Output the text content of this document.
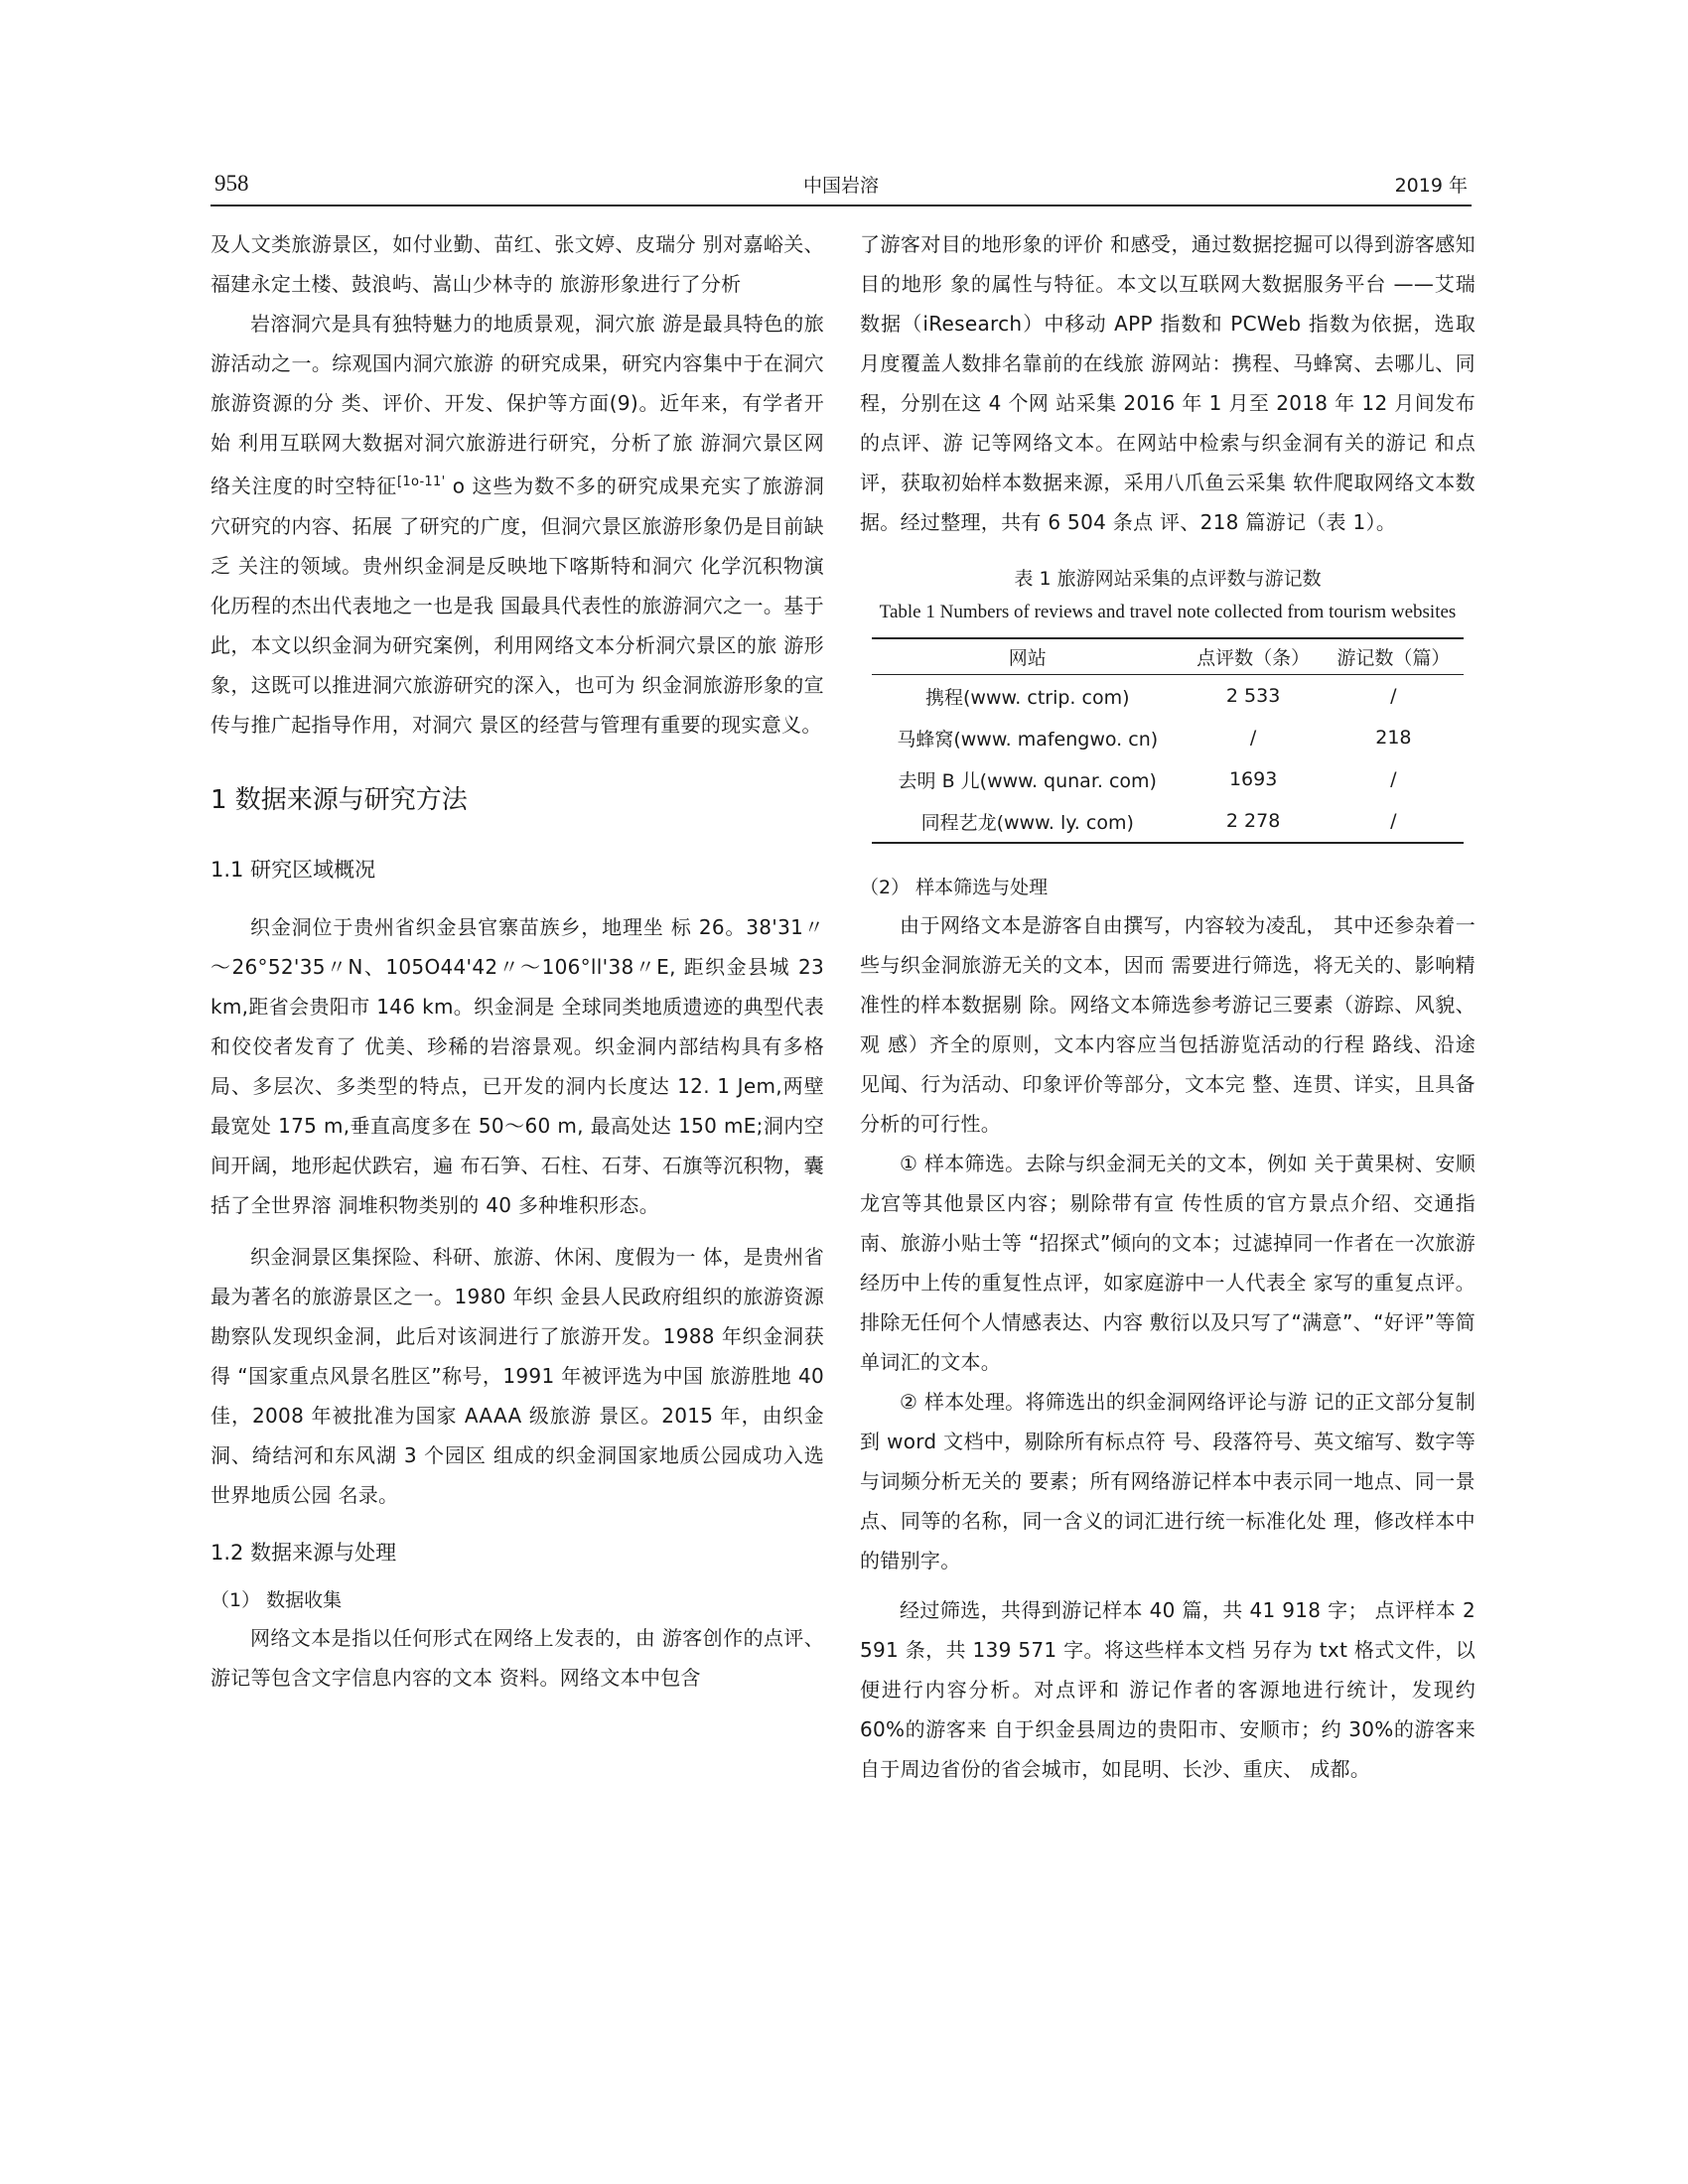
958	中国岩溶	2019 年

及人文类旅游景区，如付业勤、苗红、张文婷、皮瑞分 别对嘉峪关、福建永定土楼、鼓浪屿、嵩山少林寺的 旅游形象进行了分析

岩溶洞穴是具有独特魅力的地质景观，洞穴旅 游是最具特色的旅游活动之一。综观国内洞穴旅游 的研究成果，研究内容集中于在洞穴旅游资源的分 类、评价、开发、保护等方面(9)。近年来，有学者开始 利用互联网大数据对洞穴旅游进行研究，分析了旅 游洞穴景区网络关注度的时空特征$^{[1o-11'}$ o 这些为数不多的研究成果充实了旅游洞穴研究的内容、拓展 了研究的广度，但洞穴景区旅游形象仍是目前缺乏 关注的领域。贵州织金洞是反映地下喀斯特和洞穴 化学沉积物演化历程的杰出代表地之一也是我 国最具代表性的旅游洞穴之一。基于此，本文以织金洞为研究案例，利用网络文本分析洞穴景区的旅 游形象，这既可以推进洞穴旅游研究的深入，也可为 织金洞旅游形象的宣传与推广起指导作用，对洞穴 景区的经营与管理有重要的现实意义。

1 数据来源与研究方法

1.1 研究区域概况

织金洞位于贵州省织金县官寨苗族乡，地理坐 标 26。38'31〃～26°52'35〃N、105O44'42〃～106°ll'38〃E, 距织金县城 23 km,距省会贵阳市 146 km。织金洞是 全球同类地质遗迹的典型代表和佼佼者发育了 优美、珍稀的岩溶景观。织金洞内部结构具有多格 局、多层次、多类型的特点，已开发的洞内长度达 12. 1 Jem,两壁最宽处 175 m,垂直高度多在 50～60 m, 最高处达 150 mE;洞内空间开阔，地形起伏跌宕，遍 布石笋、石柱、石芽、石旗等沉积物，囊括了全世界溶 洞堆积物类别的 40 多种堆积形态。

织金洞景区集探险、科研、旅游、休闲、度假为一 体，是贵州省最为著名的旅游景区之一。1980 年织 金县人民政府组织的旅游资源勘察队发现织金洞，此后对该洞进行了旅游开发。1988 年织金洞获得 “国家重点风景名胜区”称号，1991 年被评选为中国 旅游胜地 40 佳，2008 年被批准为国家 AAAA 级旅游 景区。2015 年，由织金洞、绮结河和东风湖 3 个园区 组成的织金洞国家地质公园成功入选世界地质公园 名录。

1.2 数据来源与处理

（1） 数据收集

网络文本是指以任何形式在网络上发表的，由 游客创作的点评、游记等包含文字信息内容的文本 资料。网络文本中包含

了游客对目的地形象的评价 和感受，通过数据挖掘可以得到游客感知目的地形 象的属性与特征。本文以互联网大数据服务平台 ——艾瑞数据（iResearch）中移动 APP 指数和 PCWeb 指数为依据，选取月度覆盖人数排名靠前的在线旅 游网站：携程、马蜂窝、去哪儿、同程，分别在这 4 个网 站采集 2016 年 1 月至 2018 年 12 月间发布的点评、游 记等网络文本。在网站中检索与织金洞有关的游记 和点评，获取初始样本数据来源，采用八爪鱼云采集 软件爬取网络文本数据。经过整理，共有 6 504 条点 评、218 篇游记（表 1）。

表 1 旅游网站采集的点评数与游记数

Table 1 Numbers of reviews and travel note collected from tourism websites

网站	点评数（条）	游记数（篇）
携程(www. ctrip. com)	2 533	/
马蜂窝(www. mafengwo. cn)	/	218
去明 B 儿(www. qunar. com)	1693	/
同程艺龙(www. ly. com)	2 278	/

（2） 样本筛选与处理

由于网络文本是游客自由撰写，内容较为凌乱， 其中还参杂着一些与织金洞旅游无关的文本，因而 需要进行筛选，将无关的、影响精准性的样本数据剔 除。网络文本筛选参考游记三要素（游踪、风貌、观 感）齐全的原则，文本内容应当包括游览活动的行程 路线、沿途见闻、行为活动、印象评价等部分，文本完 整、连贯、详实，且具备分析的可行性。

① 样本筛选。去除与织金洞无关的文本，例如 关于黄果树、安顺龙宫等其他景区内容；剔除带有宣 传性质的官方景点介绍、交通指南、旅游小贴士等 “招探式”倾向的文本；过滤掉同一作者在一次旅游 经历中上传的重复性点评，如家庭游中一人代表全 家写的重复点评。排除无任何个人情感表达、内容 敷衍以及只写了“满意”、“好评”等简单词汇的文本。

② 样本处理。将筛选出的织金洞网络评论与游 记的正文部分复制到 word 文档中，剔除所有标点符 号、段落符号、英文缩写、数字等与词频分析无关的 要素；所有网络游记样本中表示同一地点、同一景 点、同等的名称，同一含义的词汇进行统一标准化处 理，修改样本中的错别字。

经过筛选，共得到游记样本 40 篇，共 41 918 字； 点评样本 2 591 条，共 139 571 字。将这些样本文档 另存为 txt 格式文件，以便进行内容分析。对点评和 游记作者的客源地进行统计，发现约 60%的游客来 自于织金县周边的贵阳市、安顺市；约 30%的游客来 自于周边省份的省会城市，如昆明、长沙、重庆、 成都。
